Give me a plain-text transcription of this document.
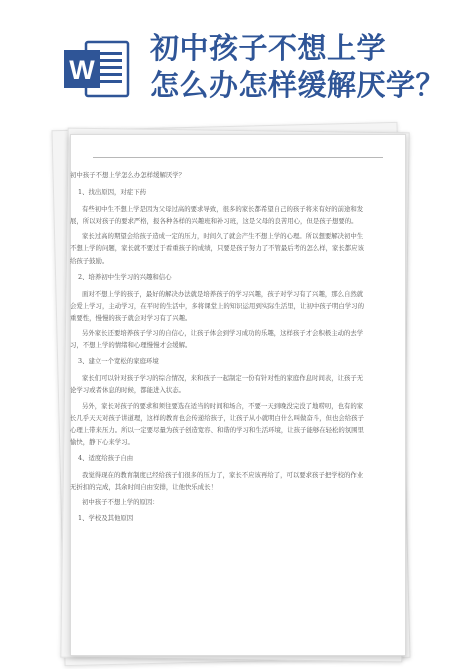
W
初中孩子不想上学
怎么办怎样缓解厌学？

初中孩子不想上学怎么办怎样缓解厌学？

1、找出原因，对症下药

有些初中生不想上学是因为父母过高的要求导致，很多的家长都希望自己的孩子将来有好的前途和发展，所以对孩子的要求严格，报各种各样的兴趣班和补习班，这是父母的良苦用心，但是孩子想要的。

家长过高的期望会给孩子造成一定的压力，时间久了就会产生不想上学的心理。所以想要解决初中生不想上学的问题，家长就不要过于看重孩子的成绩，只要是孩子努力了不管最后考的怎么样，家长都应该给孩子鼓励。

2、培养初中生学习的兴趣和信心

面对不想上学的孩子，最好的解决办法就是培养孩子的学习兴趣，孩子对学习有了兴趣，那么自然就会爱上学习，主动学习，在平时的生活中，多将课堂上的知识运用到实际生活里，让初中孩子明白学习的重要性，慢慢的孩子就会对学习有了兴趣。

另外家长还要培养孩子学习的自信心，让孩子体会到学习成功的乐趣，这样孩子才会积极主动的去学习，不想上学的情绪和心理慢慢才会缓解。

3、建立一个宽松的家庭环境

家长们可以针对孩子学习的综合情况，来和孩子一起制定一份有针对性的家庭作息时间表，让孩子无论学习或者休息的时候，都能进入状态。

另外，家长对孩子的要求和须往要选在适当的时间和场合，不要一天到晚没完没了地唠叨，也有的家长几乎天天对孩子讲道理，这样的教育也会传递给孩子，让孩子从小就明白什么叫做奋斗，但也会给孩子心理上带来压力。所以一定要尽量为孩子创造宽容、和谐的学习和生活环境，让孩子能够在轻松的氛围里愉快，静下心来学习。

4、适度给孩子自由

我觉得现在的教育制度已经给孩子们很多的压力了，家长不应该再给了，可以要求孩子把学校的作业无折扣的完成，其余时间自由安排，让他快乐成长！

初中孩子不想上学的原因：

1、学校及其他原因
